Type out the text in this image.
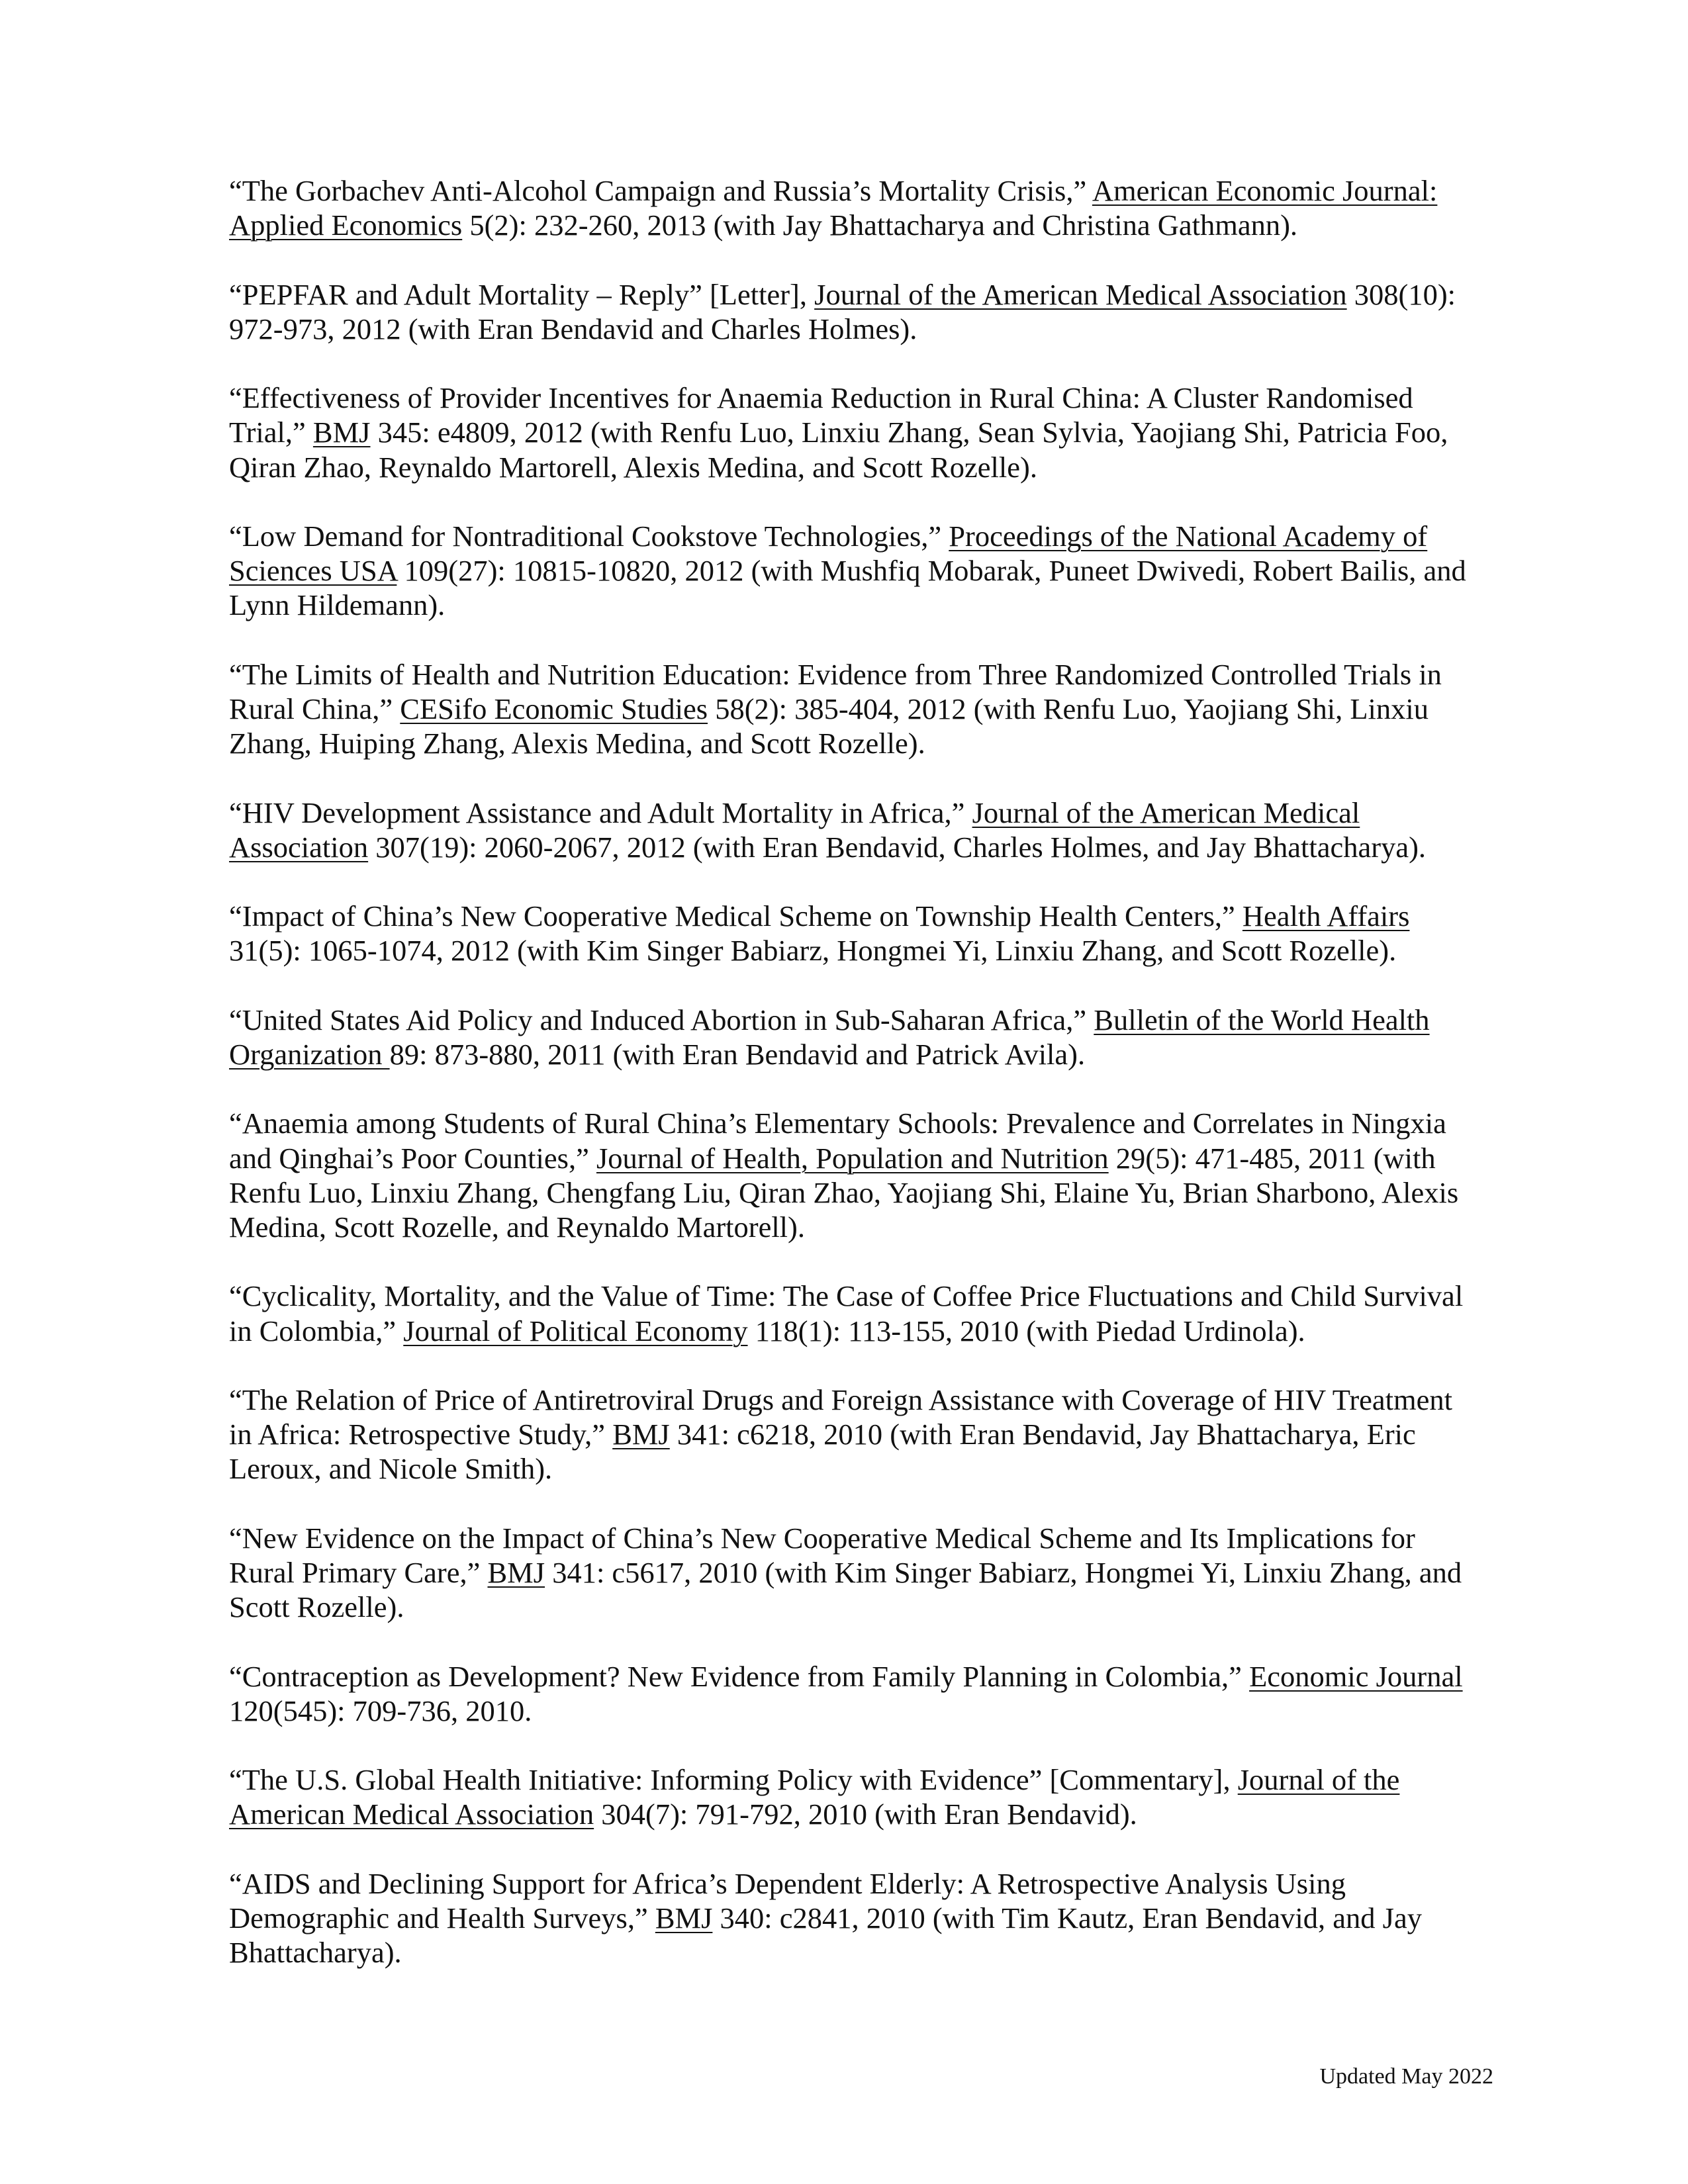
“The Gorbachev Anti-Alcohol Campaign and Russia’s Mortality Crisis,” American Economic Journal: Applied Economics 5(2): 232-260, 2013 (with Jay Bhattacharya and Christina Gathmann).

“PEPFAR and Adult Mortality – Reply” [Letter], Journal of the American Medical Association 308(10): 972-973, 2012 (with Eran Bendavid and Charles Holmes).

“Effectiveness of Provider Incentives for Anaemia Reduction in Rural China: A Cluster Randomised Trial,” BMJ 345: e4809, 2012 (with Renfu Luo, Linxiu Zhang, Sean Sylvia, Yaojiang Shi, Patricia Foo, Qiran Zhao, Reynaldo Martorell, Alexis Medina, and Scott Rozelle).

“Low Demand for Nontraditional Cookstove Technologies,” Proceedings of the National Academy of Sciences USA 109(27): 10815-10820, 2012 (with Mushfiq Mobarak, Puneet Dwivedi, Robert Bailis, and Lynn Hildemann).

“The Limits of Health and Nutrition Education: Evidence from Three Randomized Controlled Trials in Rural China,” CESifo Economic Studies 58(2): 385-404, 2012 (with Renfu Luo, Yaojiang Shi, Linxiu Zhang, Huiping Zhang, Alexis Medina, and Scott Rozelle).

“HIV Development Assistance and Adult Mortality in Africa,” Journal of the American Medical Association 307(19): 2060-2067, 2012 (with Eran Bendavid, Charles Holmes, and Jay Bhattacharya).

“Impact of China’s New Cooperative Medical Scheme on Township Health Centers,” Health Affairs 31(5): 1065-1074, 2012 (with Kim Singer Babiarz, Hongmei Yi, Linxiu Zhang, and Scott Rozelle).

“United States Aid Policy and Induced Abortion in Sub-Saharan Africa,” Bulletin of the World Health Organization 89: 873-880, 2011 (with Eran Bendavid and Patrick Avila).

“Anaemia among Students of Rural China’s Elementary Schools: Prevalence and Correlates in Ningxia and Qinghai’s Poor Counties,” Journal of Health, Population and Nutrition 29(5): 471-485, 2011 (with Renfu Luo, Linxiu Zhang, Chengfang Liu, Qiran Zhao, Yaojiang Shi, Elaine Yu, Brian Sharbono, Alexis Medina, Scott Rozelle, and Reynaldo Martorell).

“Cyclicality, Mortality, and the Value of Time: The Case of Coffee Price Fluctuations and Child Survival in Colombia,” Journal of Political Economy 118(1): 113-155, 2010 (with Piedad Urdinola).

“The Relation of Price of Antiretroviral Drugs and Foreign Assistance with Coverage of HIV Treatment in Africa: Retrospective Study,” BMJ 341: c6218, 2010 (with Eran Bendavid, Jay Bhattacharya, Eric Leroux, and Nicole Smith).

“New Evidence on the Impact of China’s New Cooperative Medical Scheme and Its Implications for Rural Primary Care,” BMJ 341: c5617, 2010 (with Kim Singer Babiarz, Hongmei Yi, Linxiu Zhang, and Scott Rozelle).

“Contraception as Development? New Evidence from Family Planning in Colombia,” Economic Journal 120(545): 709-736, 2010.

“The U.S. Global Health Initiative: Informing Policy with Evidence” [Commentary], Journal of the American Medical Association 304(7): 791-792, 2010 (with Eran Bendavid).

“AIDS and Declining Support for Africa’s Dependent Elderly: A Retrospective Analysis Using Demographic and Health Surveys,” BMJ 340: c2841, 2010 (with Tim Kautz, Eran Bendavid, and Jay Bhattacharya).

Updated May 2022
